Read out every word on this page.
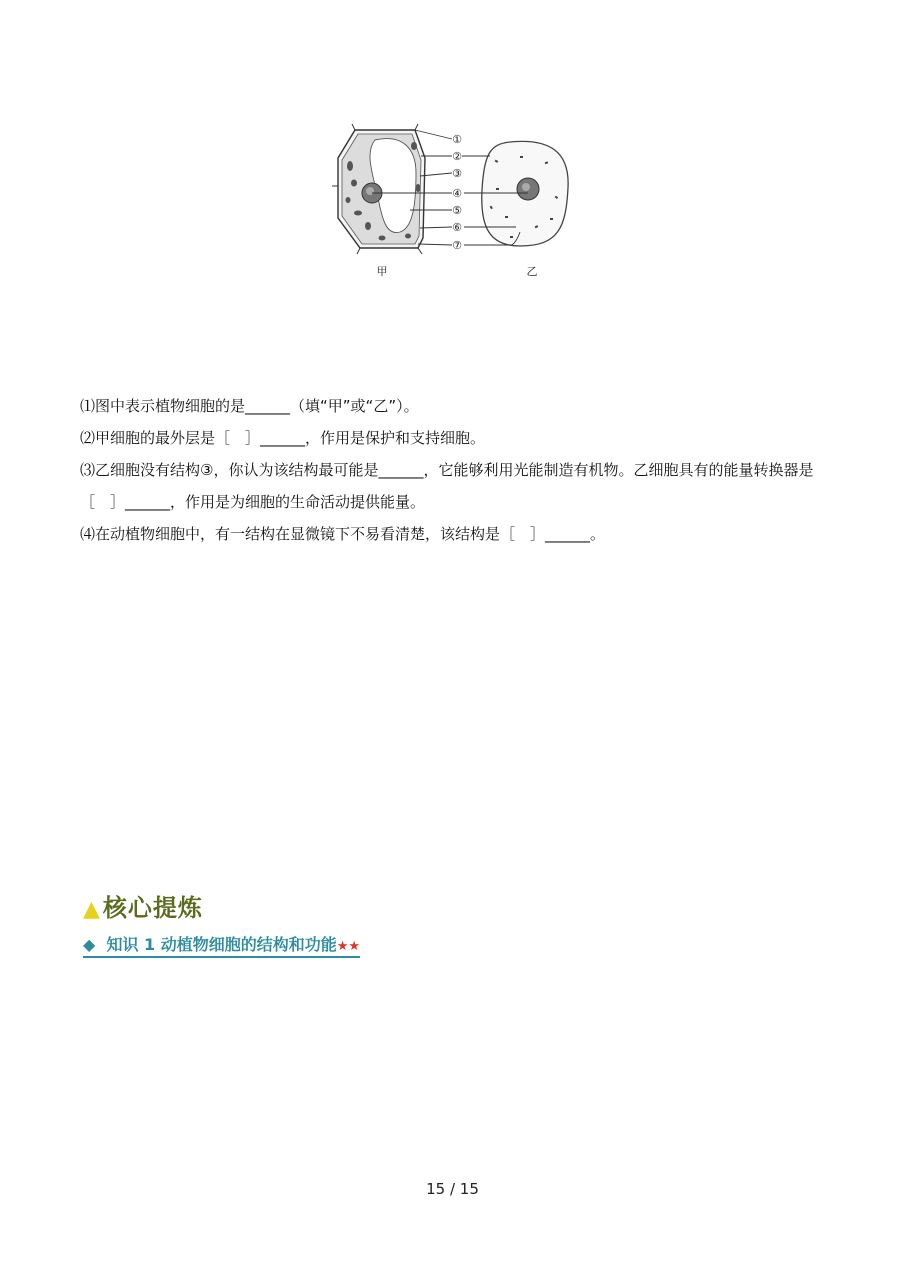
①
②
③
④
⑤
⑥
⑦
甲	乙
⑴图中表示植物细胞的是______（填“甲”或“乙”）。
⑵甲细胞的最外层是［　］______，作用是保护和支持细胞。
⑶乙细胞没有结构③，你认为该结构最可能是______，它能够利用光能制造有机物。乙细胞具有的能量转换器是［　］______，作用是为细胞的生命活动提供能量。
⑷在动植物细胞中，有一结构在显微镜下不易看清楚，该结构是［　］______。
▲核心提炼
◆ 知识 1 动植物细胞的结构和功能★★
15 / 15
